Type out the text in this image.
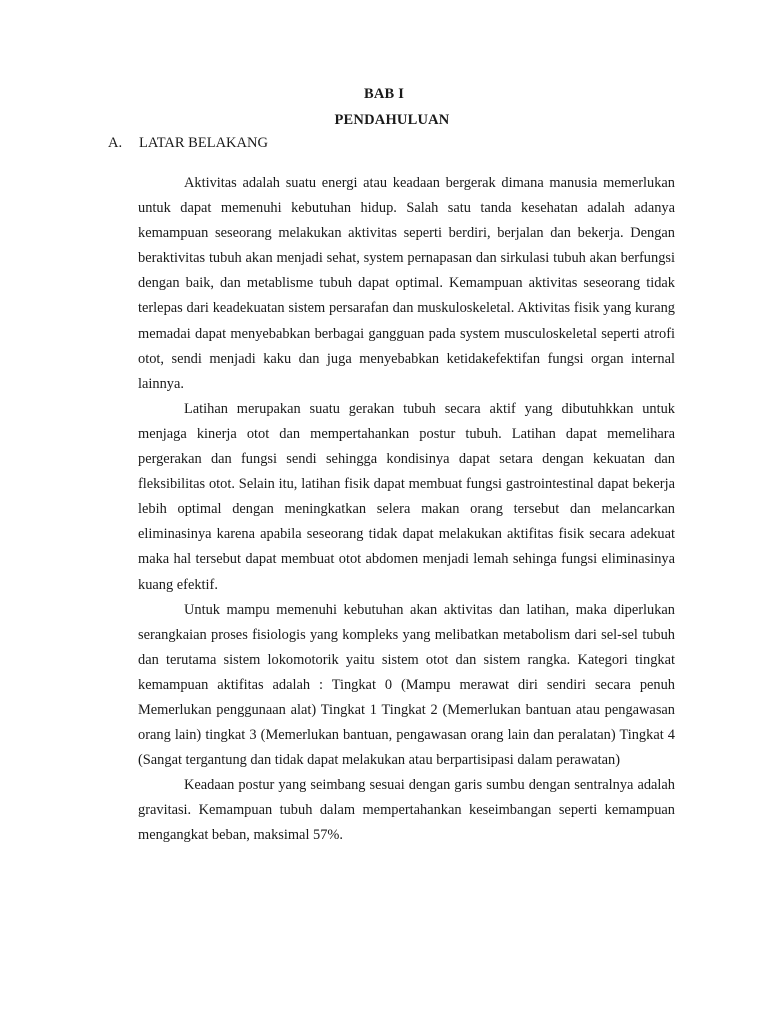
BAB I
PENDAHULUAN
A. LATAR BELAKANG

Aktivitas adalah suatu energi atau keadaan bergerak dimana manusia memerlukan untuk dapat memenuhi kebutuhan hidup. Salah satu tanda kesehatan adalah adanya kemampuan seseorang melakukan aktivitas seperti berdiri, berjalan dan bekerja. Dengan beraktivitas tubuh akan menjadi sehat, system pernapasan dan sirkulasi tubuh akan berfungsi dengan baik, dan metablisme tubuh dapat optimal. Kemampuan aktivitas seseorang tidak terlepas dari keadekuatan sistem persarafan dan muskuloskeletal. Aktivitas fisik yang kurang memadai dapat menyebabkan berbagai gangguan pada system musculoskeletal seperti atrofi otot, sendi menjadi kaku dan juga menyebabkan ketidakefektifan fungsi organ internal lainnya.

Latihan merupakan suatu gerakan tubuh secara aktif yang dibutuhkkan untuk menjaga kinerja otot dan mempertahankan postur tubuh. Latihan dapat memelihara pergerakan dan fungsi sendi sehingga kondisinya dapat setara dengan kekuatan dan fleksibilitas otot. Selain itu, latihan fisik dapat membuat fungsi gastrointestinal dapat bekerja lebih optimal dengan meningkatkan selera makan orang tersebut dan melancarkan eliminasinya karena apabila seseorang tidak dapat melakukan aktifitas fisik secara adekuat maka hal tersebut dapat membuat otot abdomen menjadi lemah sehinga fungsi eliminasinya kuang efektif.

Untuk mampu memenuhi kebutuhan akan aktivitas dan latihan, maka diperlukan serangkaian proses fisiologis yang kompleks yang melibatkan metabolism dari sel-sel tubuh dan terutama sistem lokomotorik yaitu sistem otot dan sistem rangka. Kategori tingkat kemampuan aktifitas adalah : Tingkat 0 (Mampu merawat diri sendiri secara penuh Memerlukan penggunaan alat) Tingkat 1 Tingkat 2 (Memerlukan bantuan atau pengawasan orang lain) tingkat 3 (Memerlukan bantuan, pengawasan orang lain dan peralatan) Tingkat 4 (Sangat tergantung dan tidak dapat melakukan atau berpartisipasi dalam perawatan)

Keadaan postur yang seimbang sesuai dengan garis sumbu dengan sentralnya adalah gravitasi. Kemampuan tubuh dalam mempertahankan keseimbangan seperti kemampuan mengangkat beban, maksimal 57%.
